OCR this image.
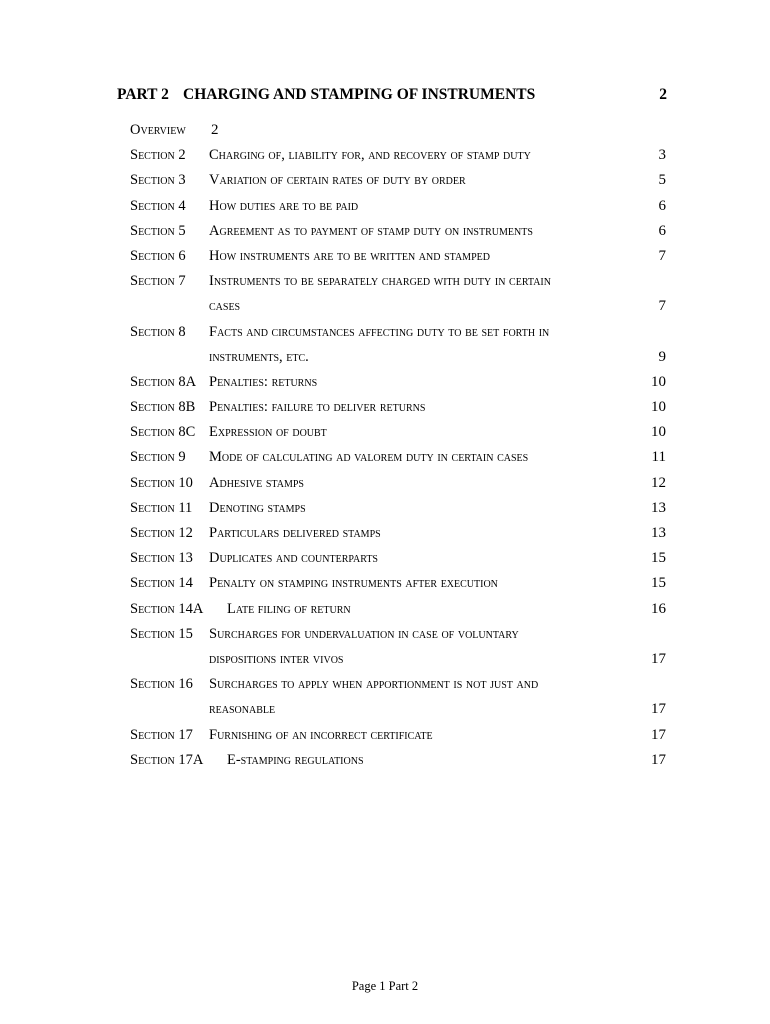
PART 2 CHARGING AND STAMPING OF INSTRUMENTS	2
Overview 2
Section 2 Charging of, liability for, and recovery of stamp duty	3
Section 3 Variation of certain rates of duty by order	5
Section 4 How duties are to be paid	6
Section 5 Agreement as to payment of stamp duty on instruments	6
Section 6 How instruments are to be written and stamped	7
Section 7 Instruments to be separately charged with duty in certain
cases	7
Section 8 Facts and circumstances affecting duty to be set forth in
instruments, etc.	9
Section 8A Penalties: returns	10
Section 8B Penalties: failure to deliver returns	10
Section 8C Expression of doubt	10
Section 9 Mode of calculating ad valorem duty in certain cases	11
Section 10 Adhesive stamps	12
Section 11 Denoting stamps	13
Section 12 Particulars delivered stamps	13
Section 13 Duplicates and counterparts	15
Section 14 Penalty on stamping instruments after execution	15
Section 14A Late filing of return	16
Section 15 Surcharges for undervaluation in case of voluntary
dispositions inter vivos	17
Section 16 Surcharges to apply when apportionment is not just and
reasonable	17
Section 17 Furnishing of an incorrect certificate	17
Section 17A E-stamping regulations	17
Page 1 Part 2
